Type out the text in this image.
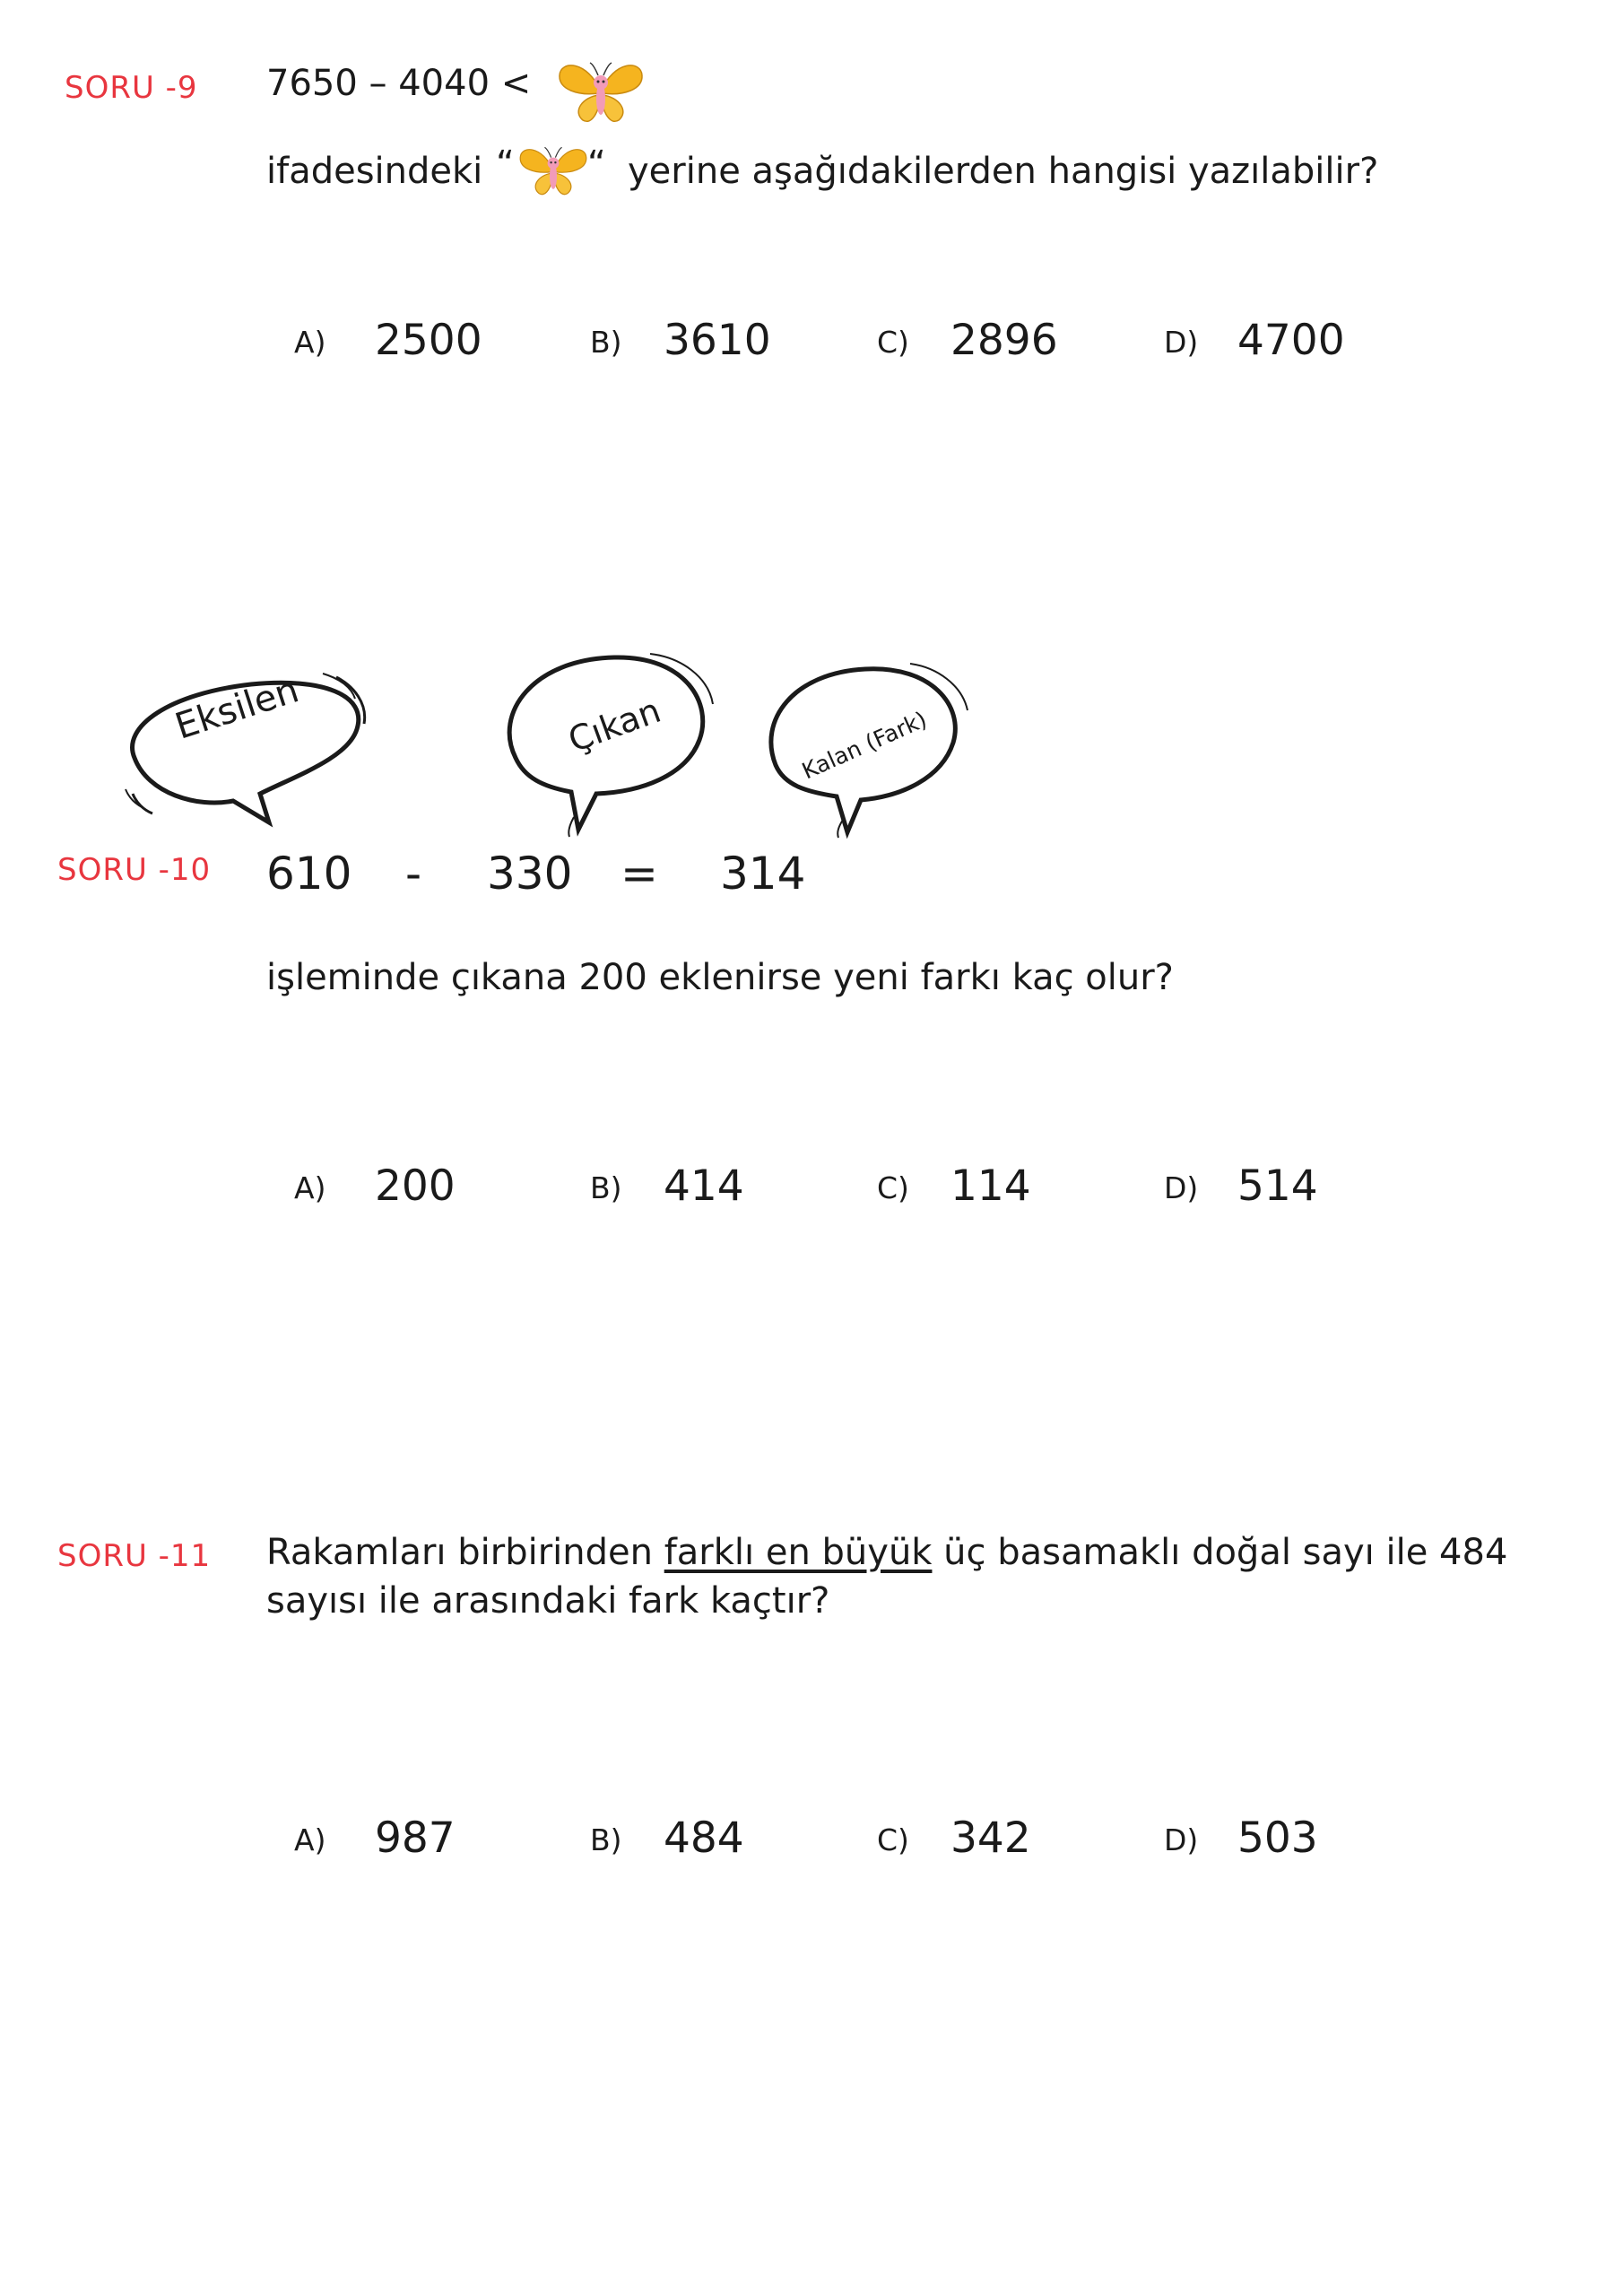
SORU -9 7650 – 4040 <
ifadesindeki “ “ yerine aşağıdakilerden hangisi yazılabilir?
A) 2500	B) 3610	C) 2896	D) 4700
Eksilen	Çıkan	Kalan (Fark)
SORU -10 610 - 330 = 314
işleminde çıkana 200 eklenirse yeni farkı kaç olur?
A) 200	B) 414	C) 114	D) 514
SORU -11 Rakamları birbirinden farklı en büyük üç basamaklı doğal sayı ile 484
sayısı ile arasındaki fark kaçtır?
A) 987	B) 484	C) 342	D) 503
